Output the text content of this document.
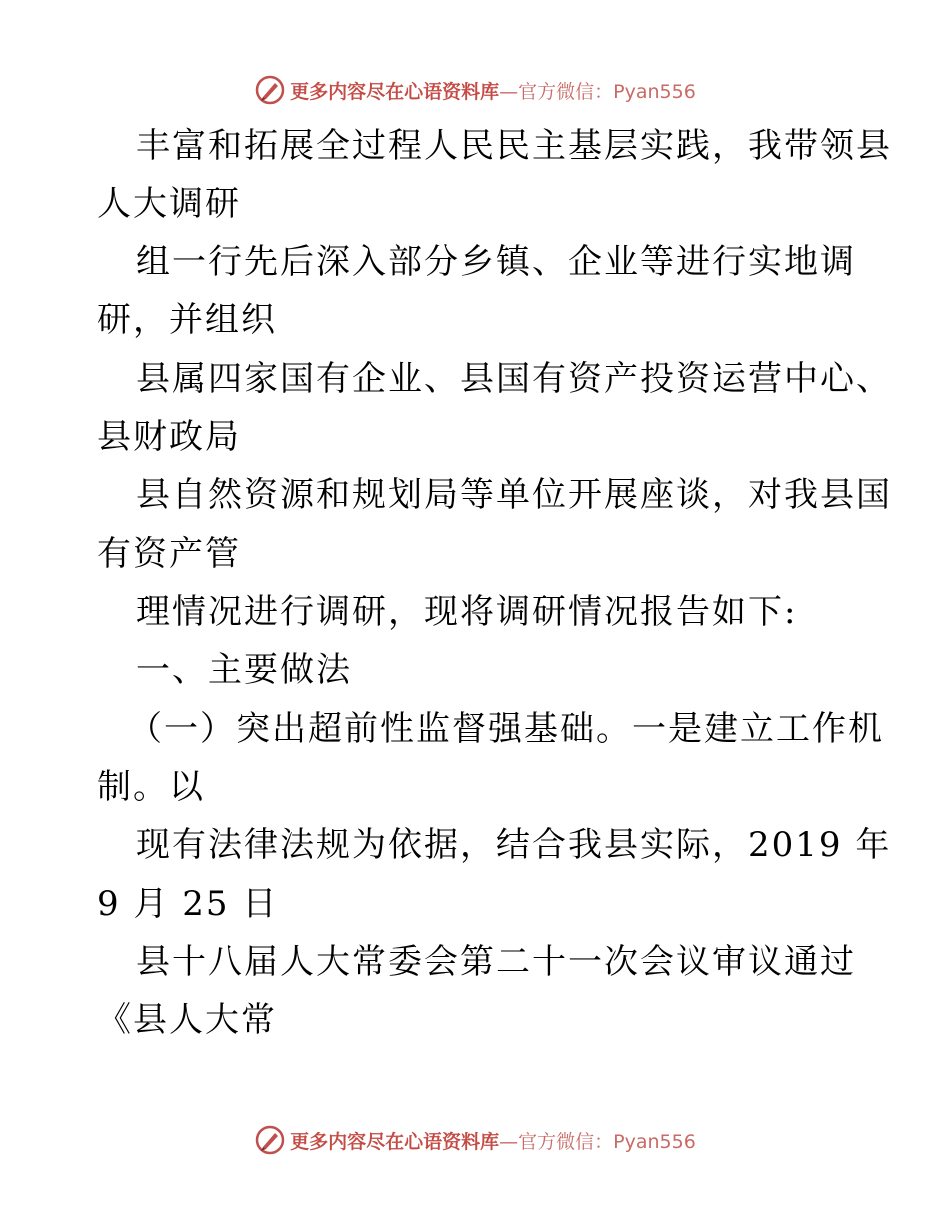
更多内容尽在心语资料库—官方微信：Pyan556
丰富和拓展全过程人民民主基层实践，我带领县
人大调研
组一行先后深入部分乡镇、企业等进行实地调
研，并组织
县属四家国有企业、县国有资产投资运营中心、
县财政局
县自然资源和规划局等单位开展座谈，对我县国
有资产管
理情况进行调研，现将调研情况报告如下:
一、主要做法
（一）突出超前性监督强基础。一是建立工作机
制。以
现有法律法规为依据，结合我县实际，2019 年
9 月 25 日
县十八届人大常委会第二十一次会议审议通过
《县人大常
更多内容尽在心语资料库—官方微信：Pyan556
